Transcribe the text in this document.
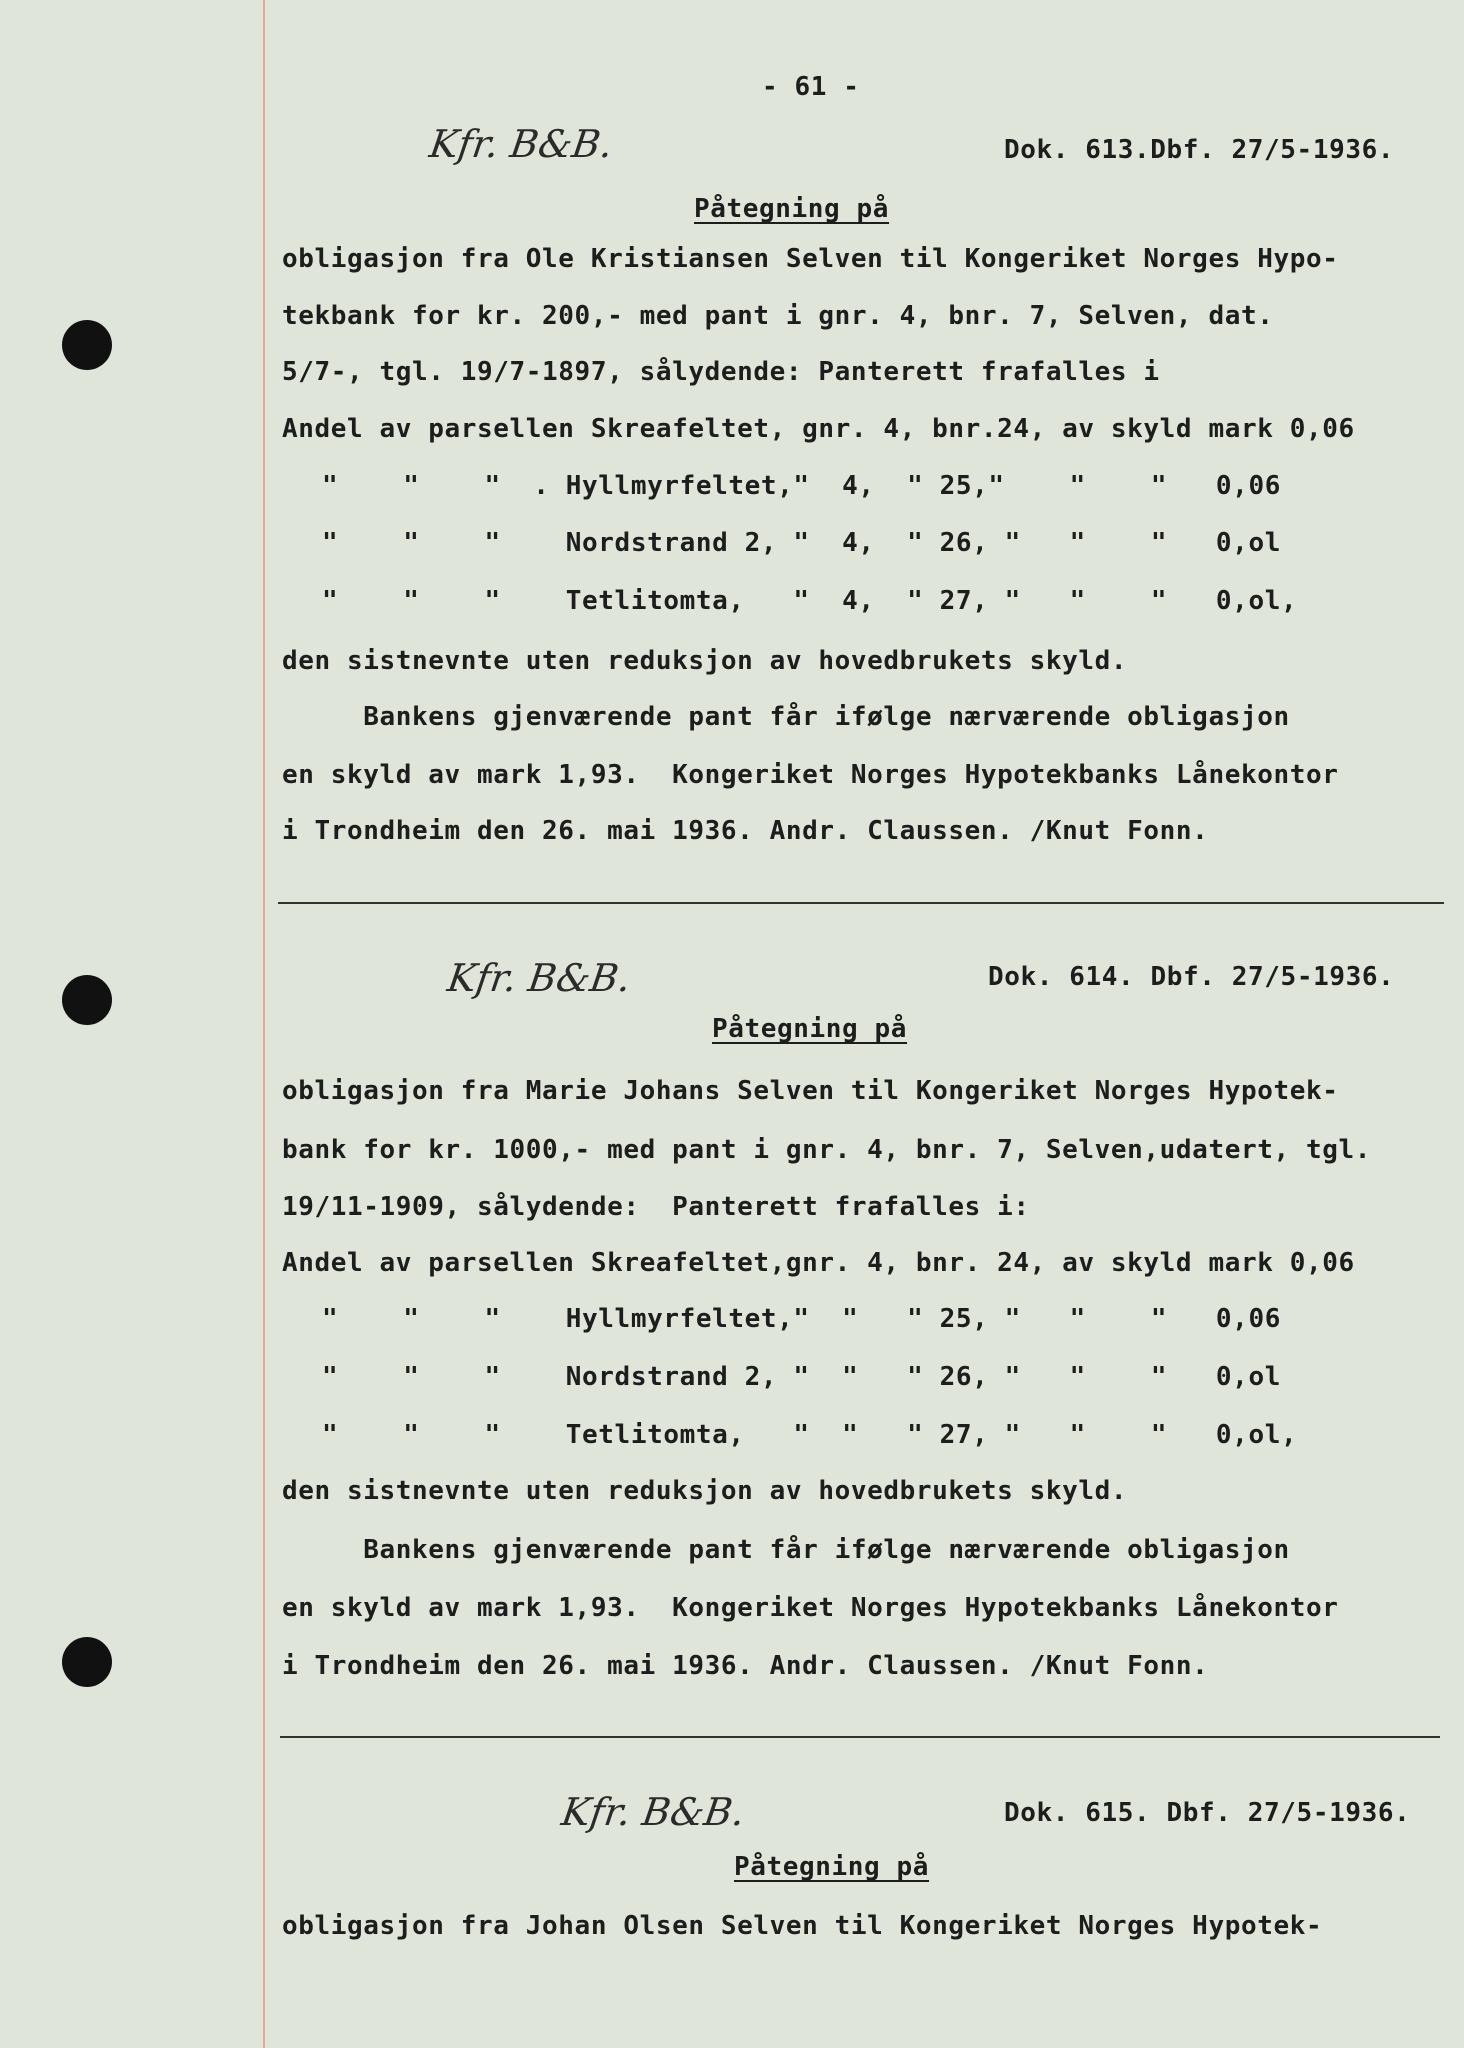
- 61 -
Kfr. B&B.	Dok. 613.Dbf. 27/5-1936.
Påtegning på
obligasjon fra Ole Kristiansen Selven til Kongeriket Norges Hypo-
tekbank for kr. 200,- med pant i gnr. 4, bnr. 7, Selven, dat.
5/7-, tgl. 19/7-1897, sålydende: Panterett frafalles i
Andel av parsellen Skreafeltet, gnr. 4, bnr.24, av skyld mark 0,06
"    "    "  . Hyllmyrfeltet,"  4,  " 25,"    "    "   0,06
"    "    "    Nordstrand 2, "  4,  " 26, "   "    "   0,ol
"    "    "    Tetlitomta,   "  4,  " 27, "   "    "   0,ol,
den sistnevnte uten reduksjon av hovedbrukets skyld.
Bankens gjenværende pant får ifølge nærværende obligasjon
en skyld av mark 1,93.  Kongeriket Norges Hypotekbanks Lånekontor
i Trondheim den 26. mai 1936. Andr. Claussen. /Knut Fonn.
Kfr. B&B.	Dok. 614. Dbf. 27/5-1936.
Påtegning på
obligasjon fra Marie Johans Selven til Kongeriket Norges Hypotek-
bank for kr. 1000,- med pant i gnr. 4, bnr. 7, Selven,udatert, tgl.
19/11-1909, sålydende:  Panterett frafalles i:
Andel av parsellen Skreafeltet,gnr. 4, bnr. 24, av skyld mark 0,06
"    "    "    Hyllmyrfeltet,"  "   " 25, "   "    "   0,06
"    "    "    Nordstrand 2, "  "   " 26, "   "    "   0,ol
"    "    "    Tetlitomta,   "  "   " 27, "   "    "   0,ol,
den sistnevnte uten reduksjon av hovedbrukets skyld.
Bankens gjenværende pant får ifølge nærværende obligasjon
en skyld av mark 1,93.  Kongeriket Norges Hypotekbanks Lånekontor
i Trondheim den 26. mai 1936. Andr. Claussen. /Knut Fonn.
Kfr. B&B.	Dok. 615. Dbf. 27/5-1936.
Påtegning på
obligasjon fra Johan Olsen Selven til Kongeriket Norges Hypotek-
